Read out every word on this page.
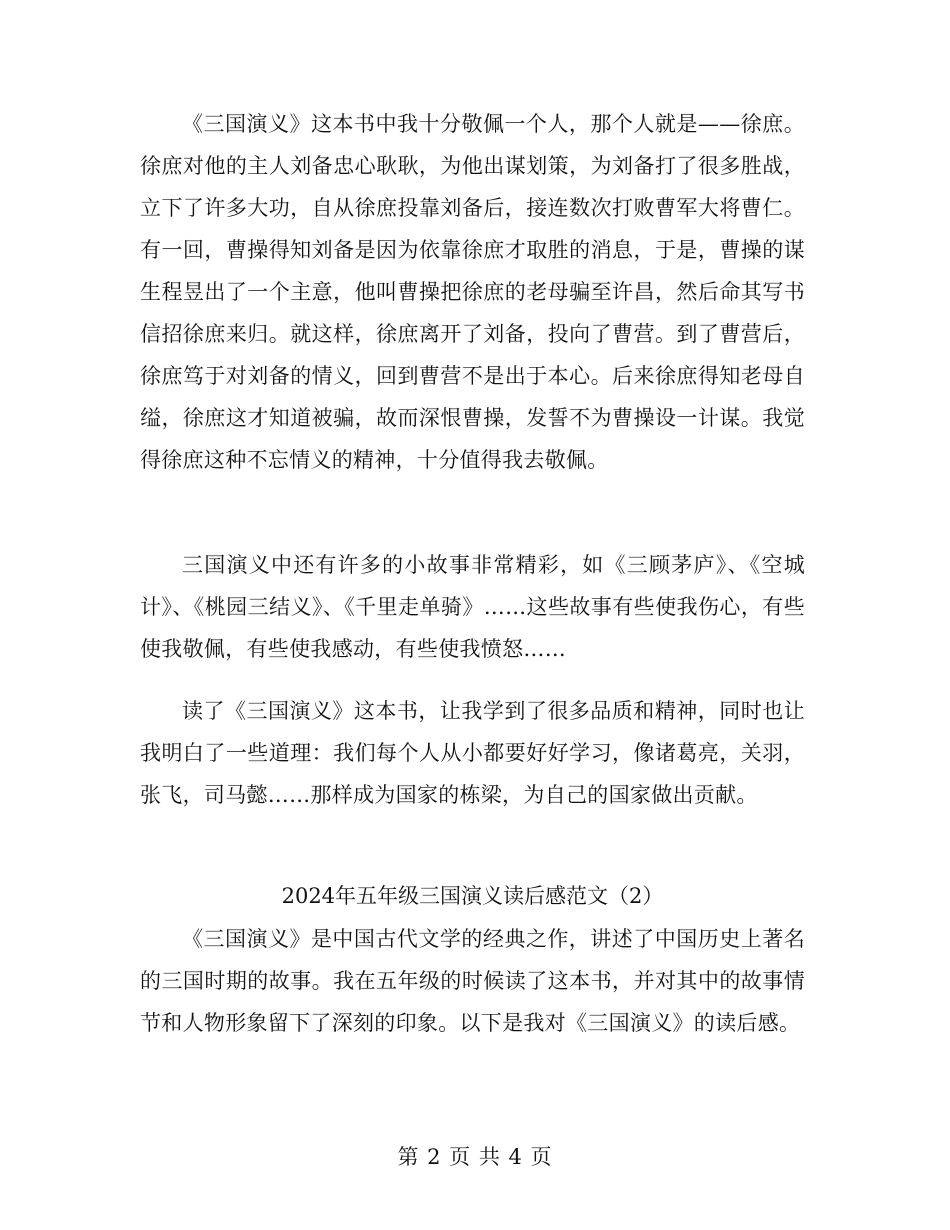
《三国演义》这本书中我十分敬佩一个人，那个人就是——徐庶。徐庶对他的主人刘备忠心耿耿，为他出谋划策，为刘备打了很多胜战，立下了许多大功，自从徐庶投靠刘备后，接连数次打败曹军大将曹仁。有一回，曹操得知刘备是因为依靠徐庶才取胜的消息，于是，曹操的谋生程昱出了一个主意，他叫曹操把徐庶的老母骗至许昌，然后命其写书信招徐庶来归。就这样，徐庶离开了刘备，投向了曹营。到了曹营后，徐庶笃于对刘备的情义，回到曹营不是出于本心。后来徐庶得知老母自缢，徐庶这才知道被骗，故而深恨曹操，发誓不为曹操设一计谋。我觉得徐庶这种不忘情义的精神，十分值得我去敬佩。

三国演义中还有许多的小故事非常精彩，如《三顾茅庐》、《空城计》、《桃园三结义》、《千里走单骑》……这些故事有些使我伤心，有些使我敬佩，有些使我感动，有些使我愤怒……

读了《三国演义》这本书，让我学到了很多品质和精神，同时也让我明白了一些道理：我们每个人从小都要好好学习，像诸葛亮，关羽，张飞，司马懿……那样成为国家的栋梁，为自己的国家做出贡献。

2024年五年级三国演义读后感范文（2）

《三国演义》是中国古代文学的经典之作，讲述了中国历史上著名的三国时期的故事。我在五年级的时候读了这本书，并对其中的故事情节和人物形象留下了深刻的印象。以下是我对《三国演义》的读后感。

第 2 页 共 4 页
